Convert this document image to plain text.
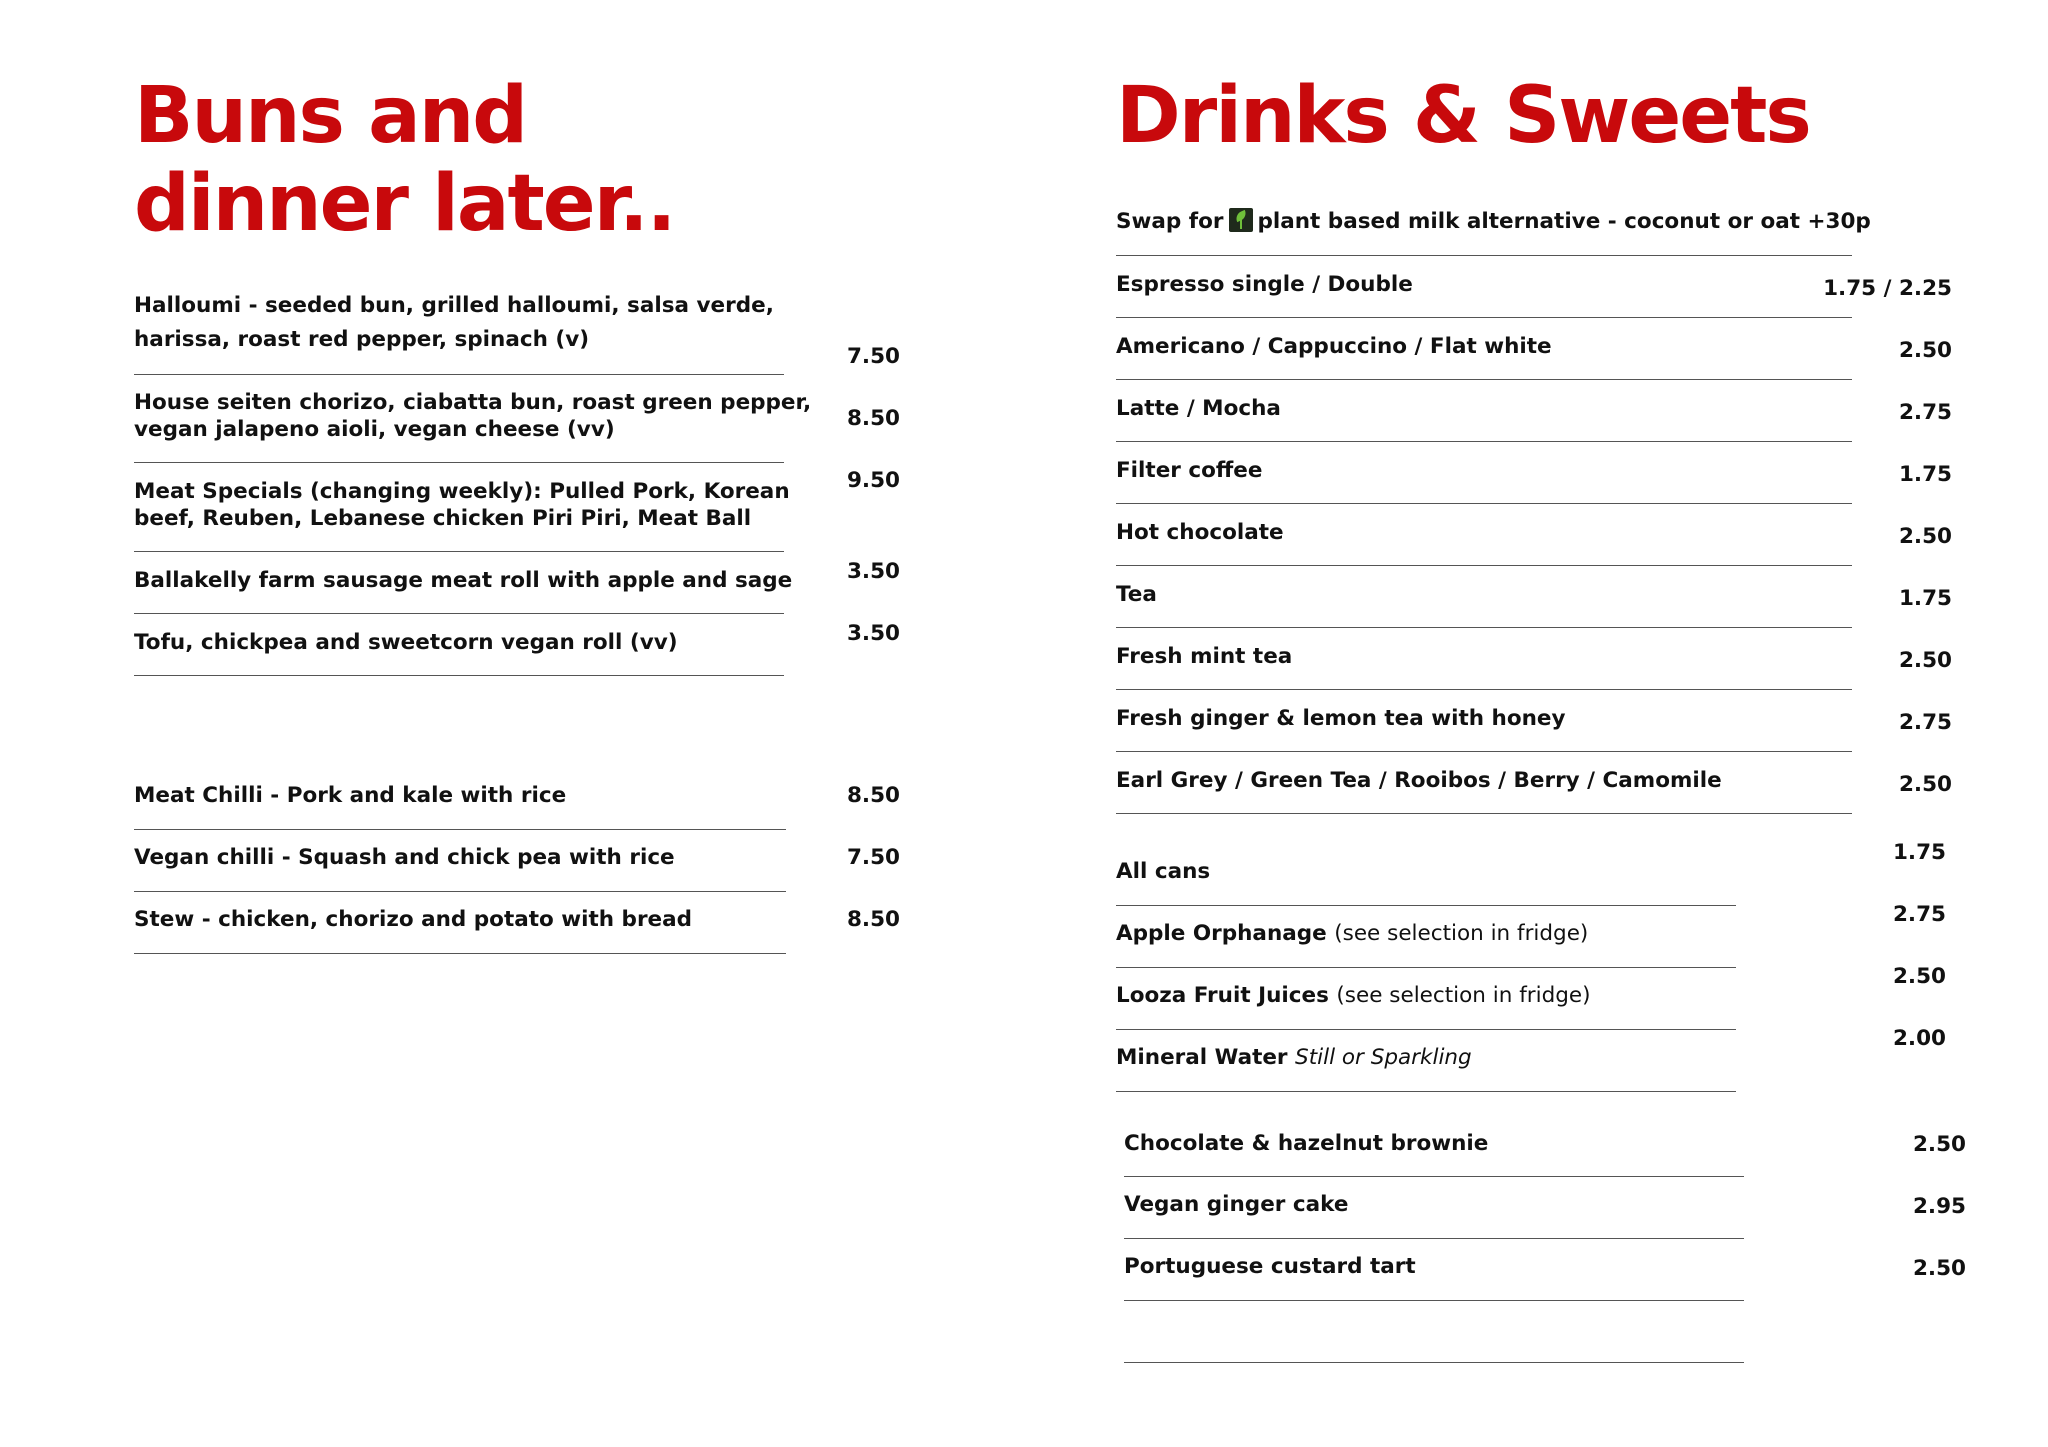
Buns and
dinner later..
Halloumi - seeded bun, grilled halloumi, salsa verde,
harissa, roast red pepper, spinach (v)
7.50
House seiten chorizo, ciabatta bun, roast green pepper,
vegan jalapeno aioli, vegan cheese (vv)	8.50
Meat Specials (changing weekly): Pulled Pork, Korean
beef, Reuben, Lebanese chicken Piri Piri, Meat Ball
9.50
Ballakelly farm sausage meat roll with apple and sage	3.50
Tofu, chickpea and sweetcorn vegan roll (vv)	3.50
Meat Chilli - Pork and kale with rice	8.50
Vegan chilli - Squash and chick pea with rice	7.50
Stew - chicken, chorizo and potato with bread	8.50
Drinks & Sweets
Swap for plant based milk alternative - coconut or oat +30p
Espresso single / Double	1.75 / 2.25
Americano / Cappuccino / Flat white	2.50
Latte / Mocha	2.75
Filter coffee	1.75
Hot chocolate	2.50
Tea	1.75
Fresh mint tea	2.50
Fresh ginger & lemon tea with honey	2.75
Earl Grey / Green Tea / Rooibos / Berry / Camomile	2.50
All cans
1.75
Apple Orphanage (see selection in fridge)
2.75
Looza Fruit Juices (see selection in fridge)
2.50
Mineral Water Still or Sparkling
2.00
Chocolate & hazelnut brownie	2.50
Vegan ginger cake	2.95
Portuguese custard tart	2.50
